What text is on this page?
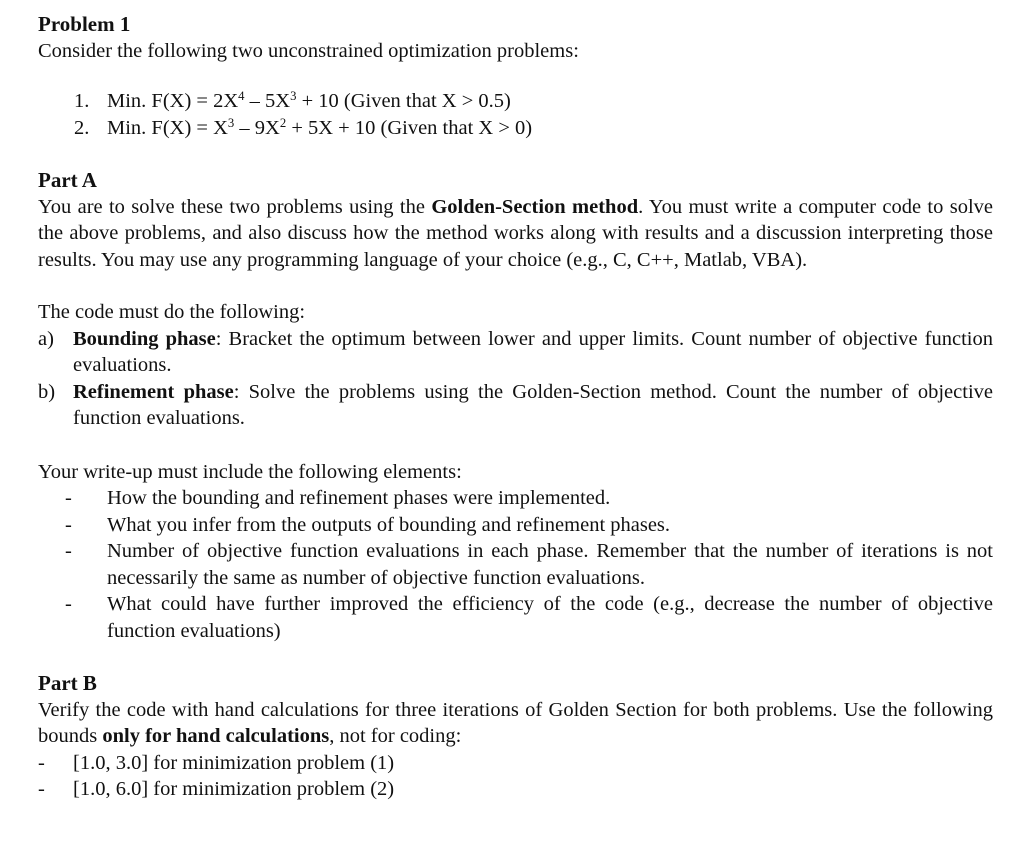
Problem 1
Consider the following two unconstrained optimization problems:
1. Min. $F(X) = 2X^4 - 5X^3 + 10$ (Given that X > 0.5)
2. Min. $F(X) = X^3 - 9X^2 + 5X + 10$ (Given that X > 0)
Part A
You are to solve these two problems using the Golden-Section method. You must write a computer code to solve the above problems, and also discuss how the method works along with results and a discussion interpreting those results. You may use any programming language of your choice (e.g., C, C++, Matlab, VBA).
The code must do the following:
a) Bounding phase: Bracket the optimum between lower and upper limits. Count number of objective function evaluations.
b) Refinement phase: Solve the problems using the Golden-Section method. Count the number of objective function evaluations.
Your write-up must include the following elements:
-	How the bounding and refinement phases were implemented.
-	What you infer from the outputs of bounding and refinement phases.
-	Number of objective function evaluations in each phase. Remember that the number of iterations is not necessarily the same as number of objective function evaluations.
-	What could have further improved the efficiency of the code (e.g., decrease the number of objective function evaluations)
Part B
Verify the code with hand calculations for three iterations of Golden Section for both problems. Use the following bounds only for hand calculations, not for coding:
-	[1.0, 3.0] for minimization problem (1)
-	[1.0, 6.0] for minimization problem (2)
